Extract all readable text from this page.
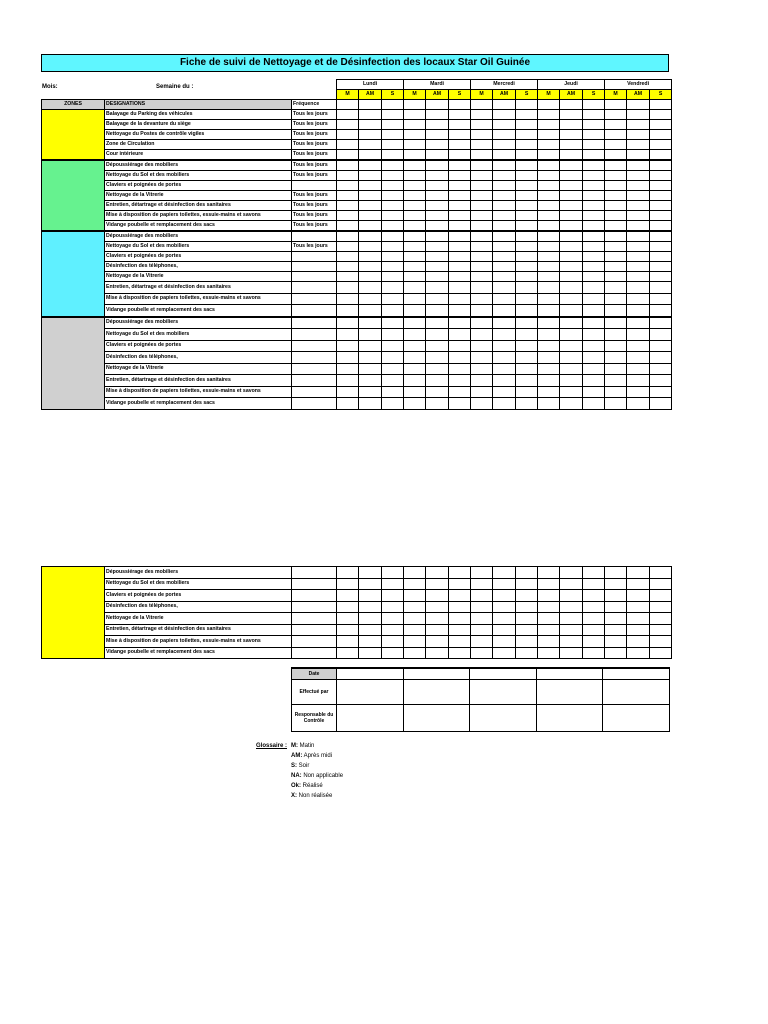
Fiche de suivi de Nettoyage et de Désinfection des locaux Star Oil Guinée
Mois:	Semaine du :
			Lundi			Mardi			Mercredi			Jeudi			Vendredi		
			M	AM	S	M	AM	S	M	AM	S	M	AM	S	M	AM	S
ZONES	DESIGNATIONS	Fréquence															
	Balayage du Parking des véhicules	Tous les jours															
	Balayage de la devanture du siège	Tous les jours															
	Nettoyage du Postes de contrôle vigiles	Tous les jours															
	Zone de Circulation	Tous les jours															
	Cour intérieure	Tous les jours															
	Dépoussiérage des mobiliers	Tous les jours															
	Nettoyage du Sol et des mobiliers	Tous les jours															
	Claviers et poignées de portes																
	Nettoyage de la Vitrerie	Tous les jours															
	Entretien, détartrage et désinfection des sanitaires	Tous les jours															
	Mise à disposition de papiers toilettes, essuie-mains et savons	Tous les jours															
	Vidange poubelle et remplacement des sacs	Tous les jours															
	Dépoussiérage des mobiliers																
	Nettoyage du Sol et des mobiliers	Tous les jours															
	Claviers et poignées de portes																
	Désinfection des téléphones,																
	Nettoyage de la Vitrerie																
	Entretien, détartrage et désinfection des sanitaires																
	Mise à disposition de papiers toilettes, essuie-mains et savons																
	Vidange poubelle et remplacement des sacs																
	Dépoussiérage des mobiliers																
	Nettoyage du Sol et des mobiliers																
	Claviers et poignées de portes																
	Désinfection des téléphones,																
	Nettoyage de la Vitrerie																
	Entretien, détartrage et désinfection des sanitaires																
	Mise à disposition de papiers toilettes, essuie-mains et savons																
	Vidange poubelle et remplacement des sacs																
	Dépoussiérage des mobiliers																
	Nettoyage du Sol et des mobiliers																
	Claviers et poignées de portes																
	Désinfection des téléphones,																
	Nettoyage de la Vitrerie																
	Entretien, détartrage et désinfection des sanitaires																
	Mise à disposition de papiers toilettes, essuie-mains et savons																
	Vidange poubelle et remplacement des sacs																
Date					
Effectué par					
Responsable du Contrôle					
Glossaire : M: Matin
AM: Après midi
S: Soir
NA: Non applicable
Ok: Réalisé
X: Non réalisée
